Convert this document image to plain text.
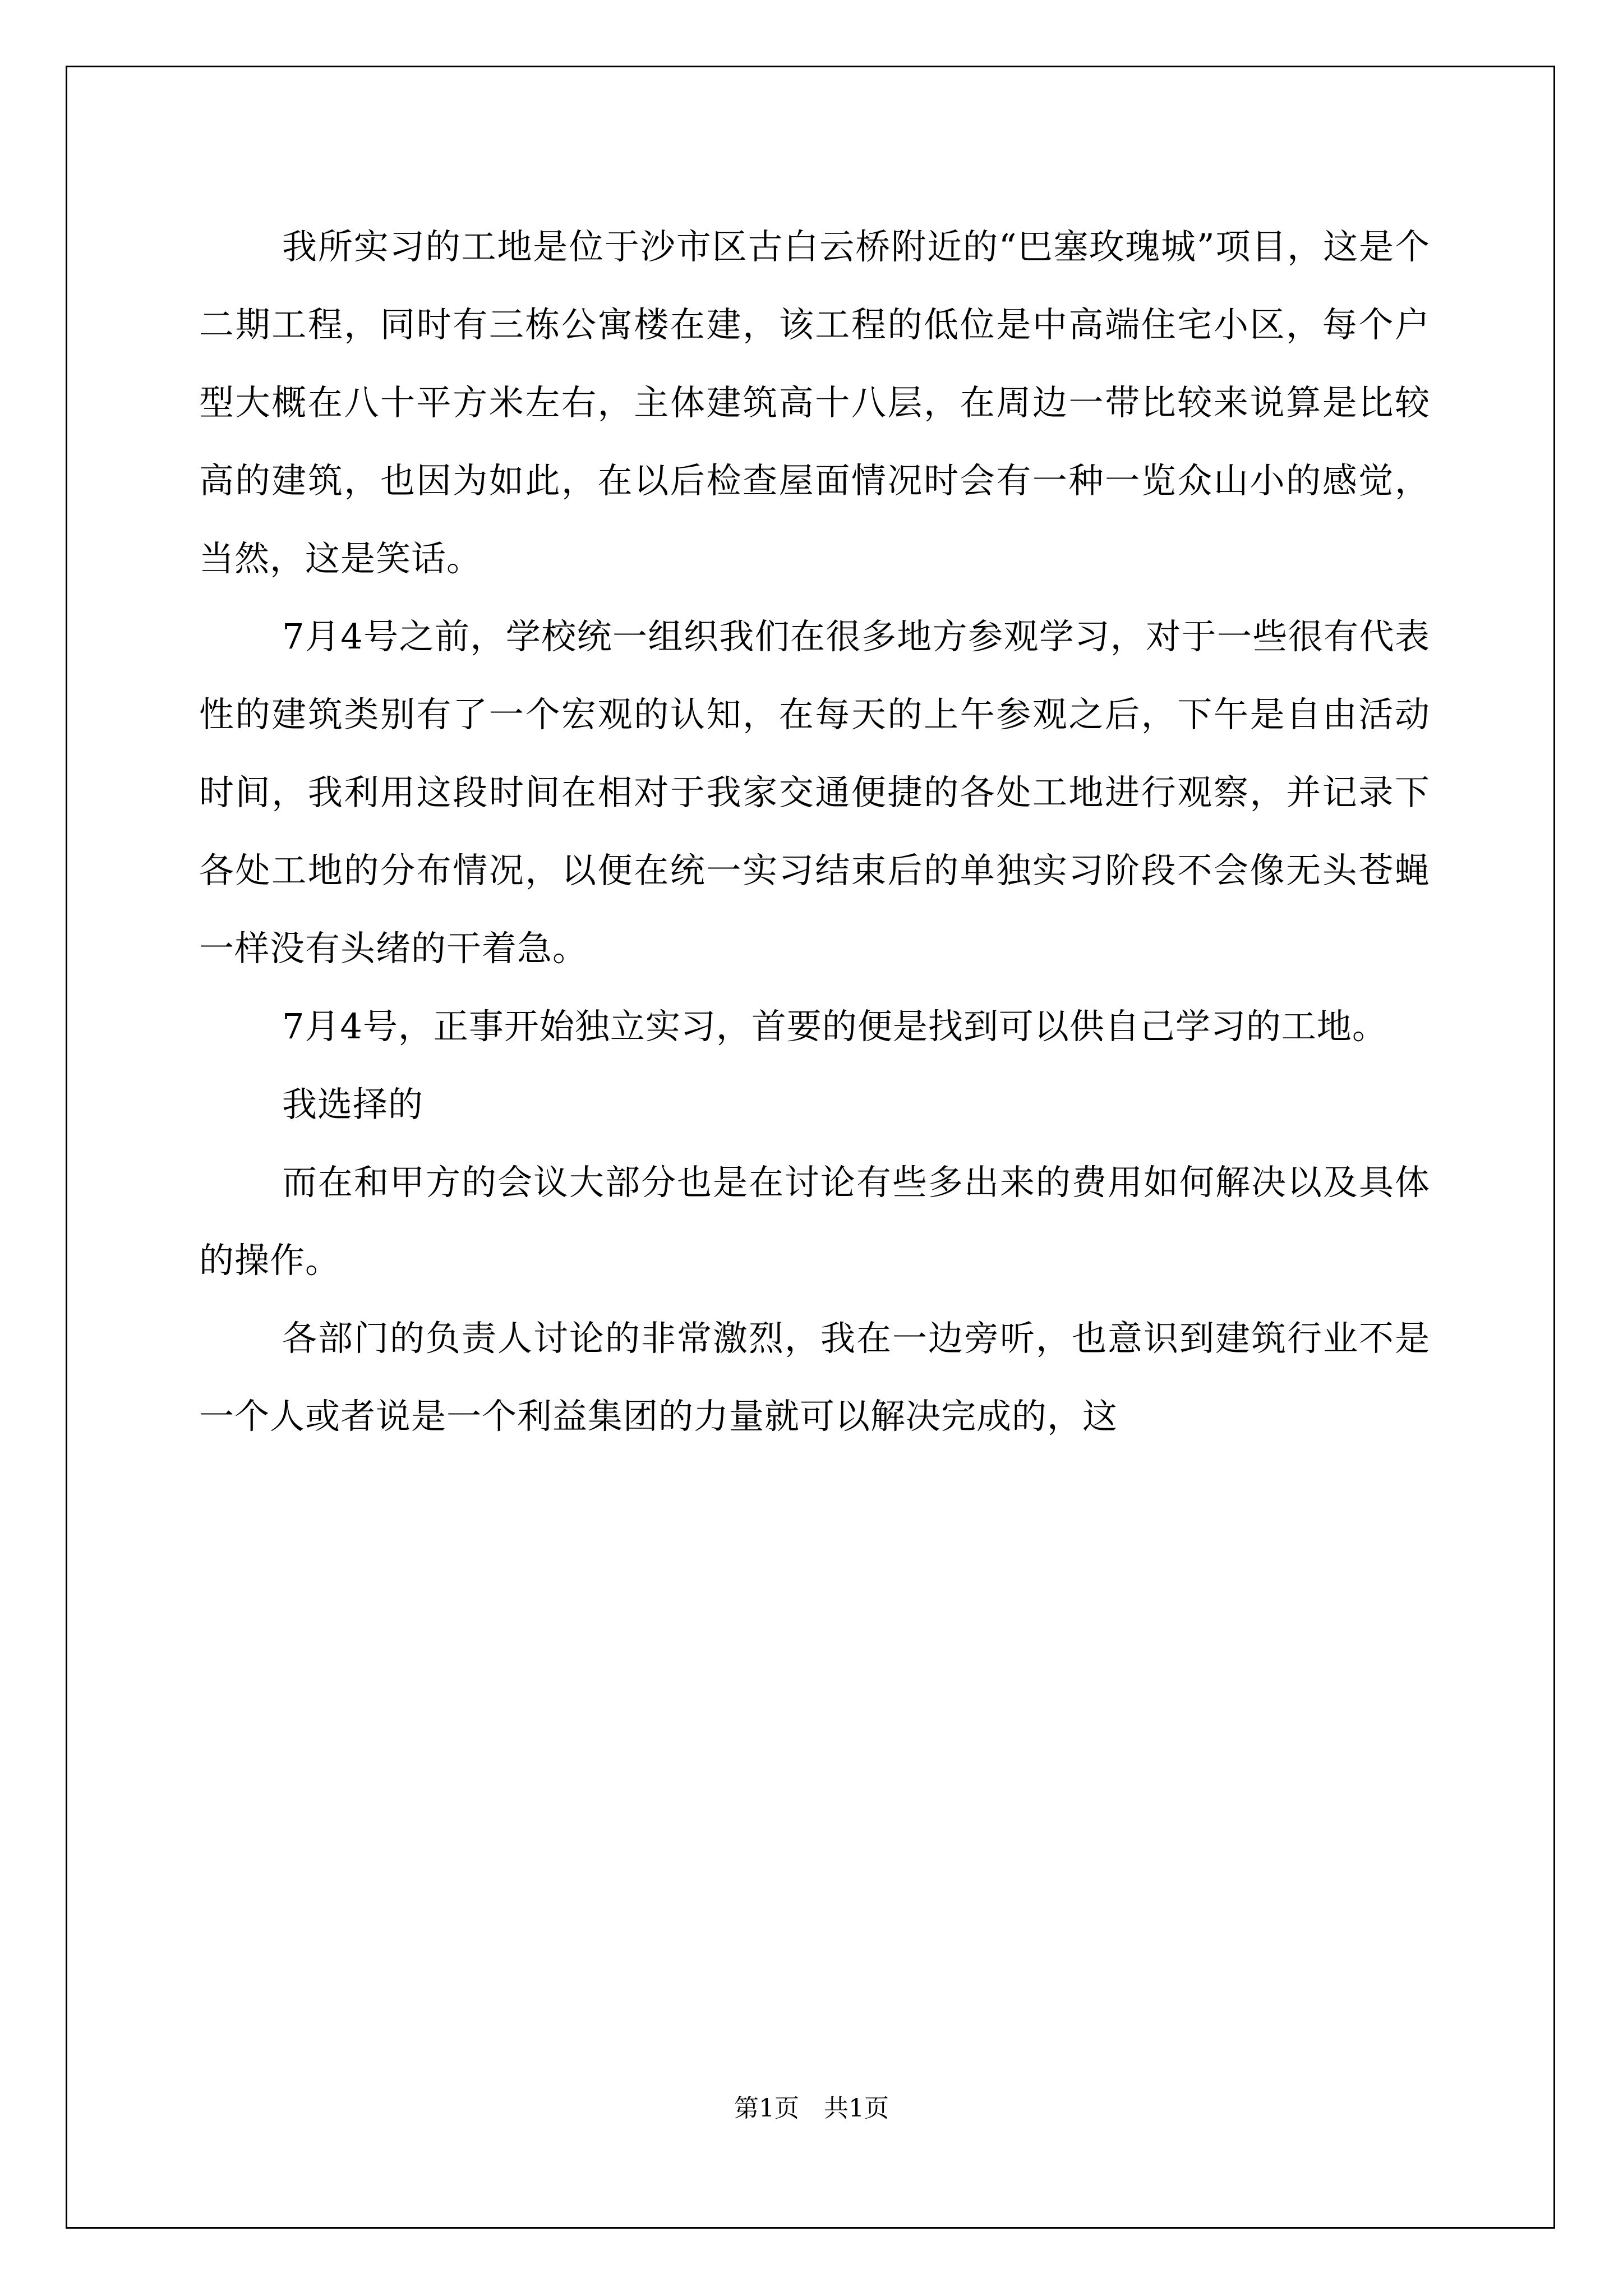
我所实习的工地是位于沙市区古白云桥附近的“巴塞玫瑰城”项目，这是个二期工程，同时有三栋公寓楼在建，该工程的低位是中高端住宅小区，每个户型大概在八十平方米左右，主体建筑高十八层，在周边一带比较来说算是比较高的建筑，也因为如此，在以后检查屋面情况时会有一种一览众山小的感觉，当然，这是笑话。

7月4号之前，学校统一组织我们在很多地方参观学习，对于一些很有代表性的建筑类别有了一个宏观的认知，在每天的上午参观之后，下午是自由活动时间，我利用这段时间在相对于我家交通便捷的各处工地进行观察，并记录下各处工地的分布情况，以便在统一实习结束后的单独实习阶段不会像无头苍蝇一样没有头绪的干着急。

7月4号，正事开始独立实习，首要的便是找到可以供自己学习的工地。

我选择的

而在和甲方的会议大部分也是在讨论有些多出来的费用如何解决以及具体的操作。

各部门的负责人讨论的非常激烈，我在一边旁听，也意识到建筑行业不是一个人或者说是一个利益集团的力量就可以解决完成的，这

第1页　共1页
